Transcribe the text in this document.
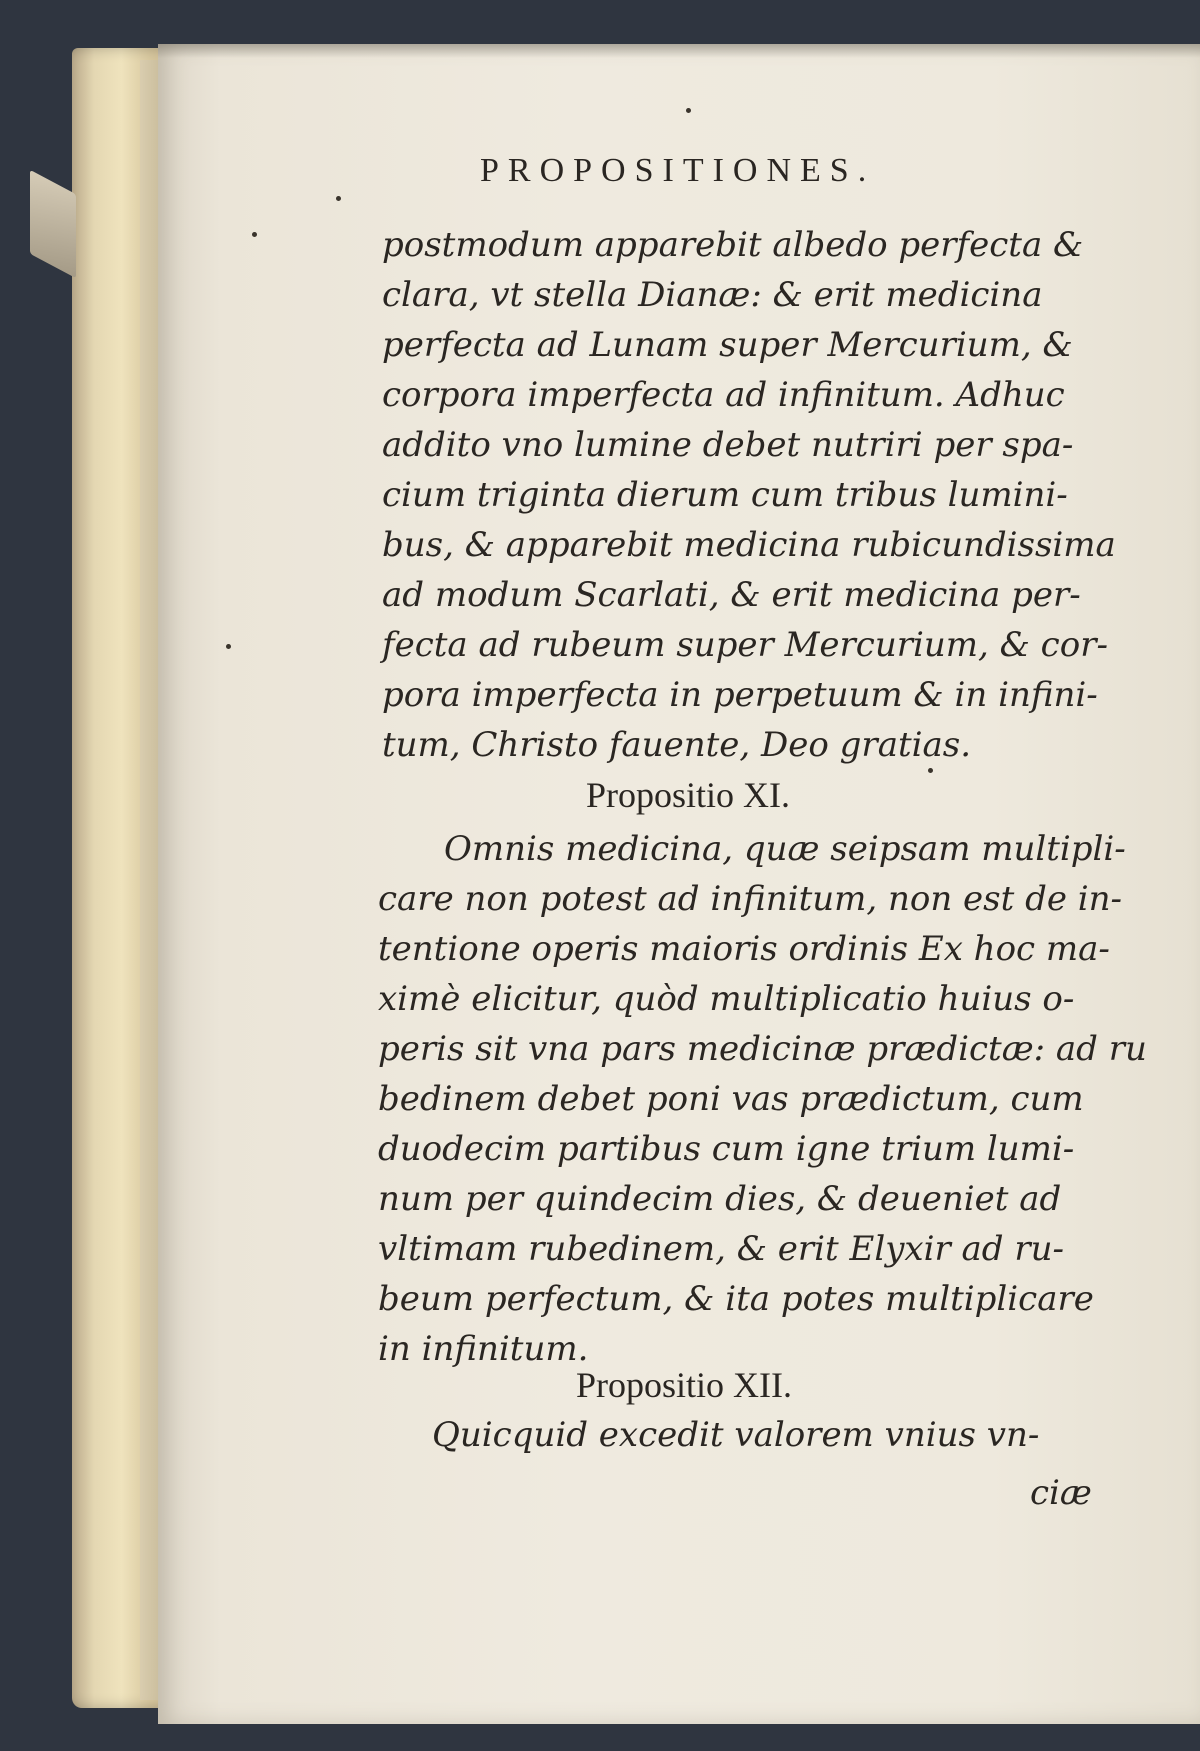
PROPOSITIONES.
postmodum apparebit albedo perfecta &
clara, vt stella Dianæ: & erit medicina
perfecta ad Lunam super Mercurium, &
corpora imperfecta ad infinitum. Adhuc
addito vno lumine debet nutriri per spa-
cium triginta dierum cum tribus lumini-
bus, & apparebit medicina rubicundissima
ad modum Scarlati, & erit medicina per-
fecta ad rubeum super Mercurium, & cor-
pora imperfecta in perpetuum & in infini-
tum, Christo fauente, Deo gratias.
Propositio XI.
Omnis medicina, quæ seipsam multipli-
care non potest ad infinitum, non est de in-
tentione operis maioris ordinis Ex hoc ma-
ximè elicitur, quòd multiplicatio huius o-
peris sit vna pars medicinæ prædictæ: ad ru
bedinem debet poni vas prædictum, cum
duodecim partibus cum igne trium lumi-
num per quindecim dies, & deueniet ad
vltimam rubedinem, & erit Elyxir ad ru-
beum perfectum, & ita potes multiplicare
in infinitum.
Propositio XII.
Quicquid excedit valorem vnius vn-
ciæ
